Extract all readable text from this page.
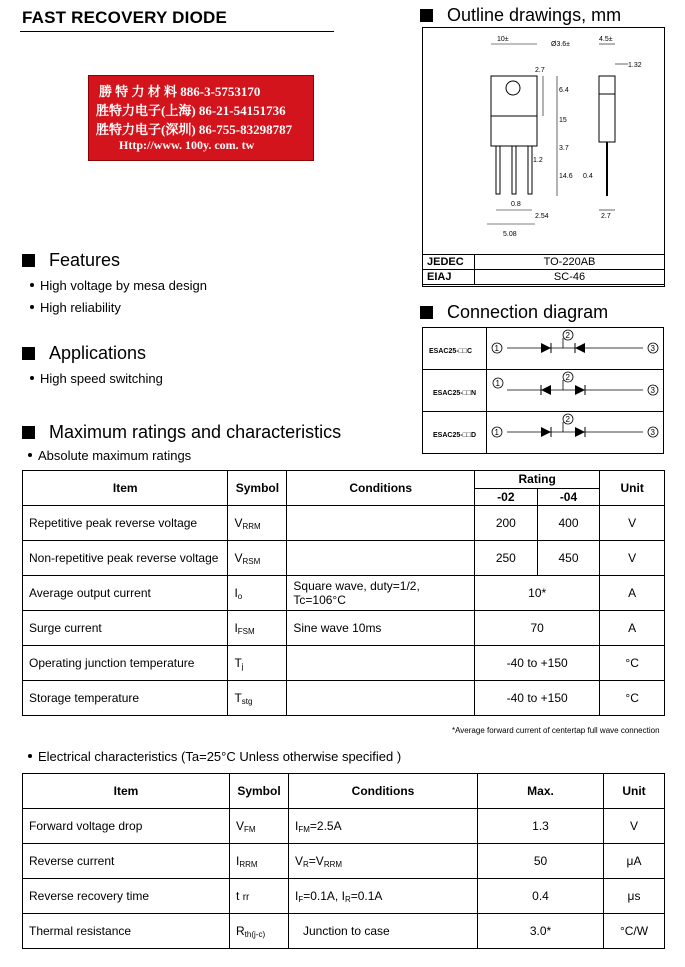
FAST RECOVERY DIODE
勝 特 力 材 料 886-3-5753170
胜特力电子(上海) 86-21-54151736
胜特力电子(深圳) 86-755-83298787
Http://www. 100y. com. tw
Outline drawings, mm
10±
Ø3.6±
4.5±
1.32
2.7
6.4
15
3.7
14.6
1.2
0.4
0.8
2.54	2.7
5.08
JEDEC	TO-220AB
EIAJ	SC-46
Features
High voltage by mesa design
High reliability
Applications
High speed switching
Connection diagram
ESAC25-□□C	1
2
3

ESAC25-□□N	2
3

ESAC25-□□D	1
2
3
1
Maximum ratings and characteristics
Absolute maximum ratings
Item	Symbol	Conditions	Rating		Unit
			-02	-04	
Repetitive peak reverse voltage	$V_{RRM}$		200	400	V
Non-repetitive peak reverse voltage	$V_{RSM}$		250	450	V
Average output current	$I_o$	Square wave, duty=1/2, Tc=106°C	10*		A
Surge current	$I_{FSM}$	Sine wave 10ms	70		A
Operating junction temperature	$T_j$		-40 to +150		°C
Storage temperature	$T_{stg}$		-40 to +150		°C
*Average forward current of centertap full wave connection
Electrical characteristics (Ta=25°C Unless otherwise specified )
Item	Symbol	Conditions	Max.	Unit
Forward voltage drop	$V_{FM}$	$I_{FM}=2.5A$	1.3	V
Reverse current	$I_{RRM}$	$V_R=V_{RRM}$	50	μA
Reverse recovery time	t rr	$I_F=0.1A$, $I_R=0.1A$	0.4	μs
Thermal resistance	$R_{th(j-c)}$	Junction to case	3.0*	°C/W
